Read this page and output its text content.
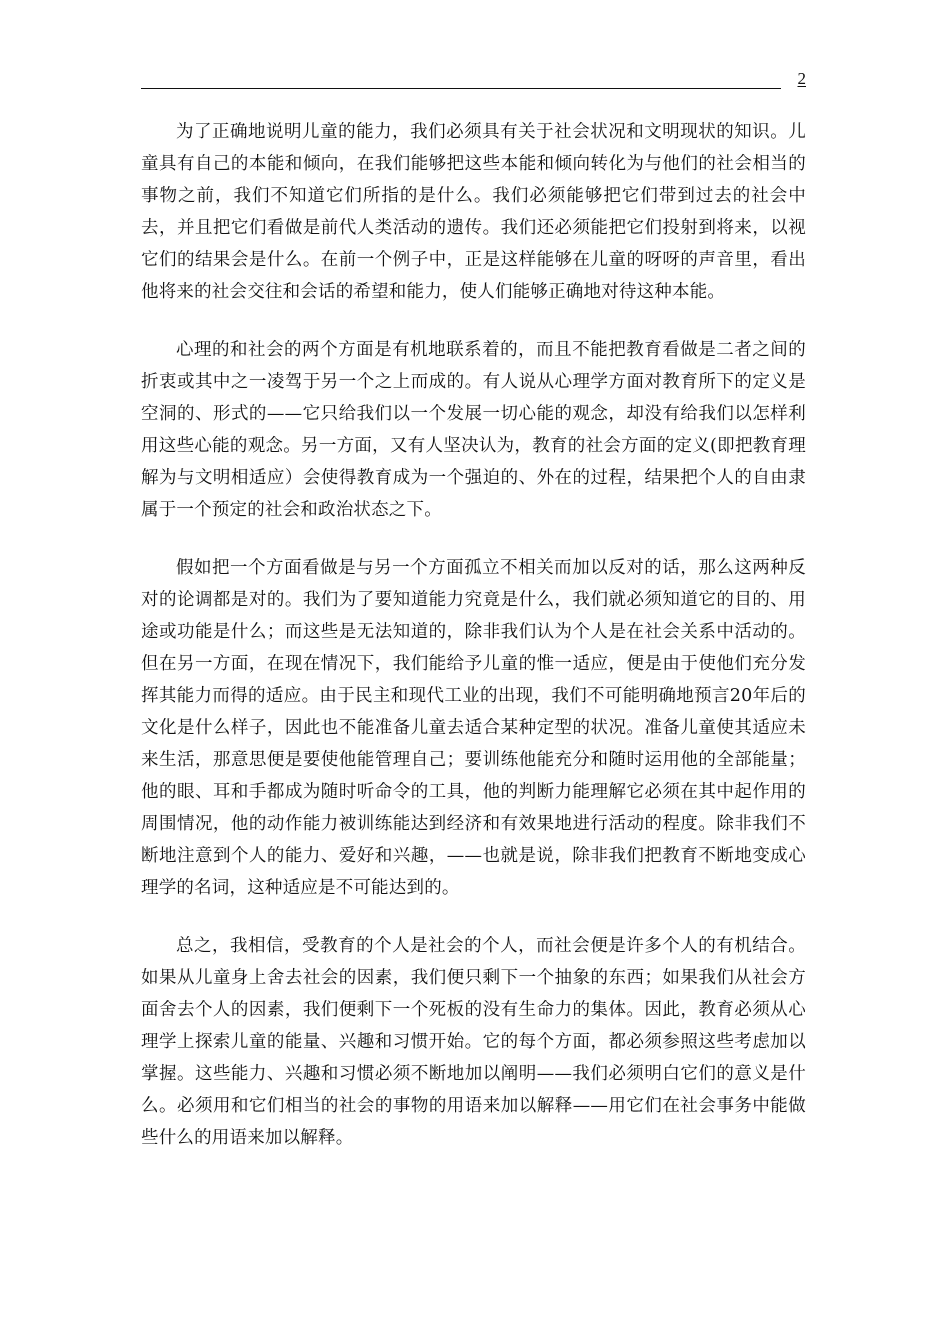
2

为了正确地说明儿童的能力，我们必须具有关于社会状况和文明现状的知识。儿童具有自己的本能和倾向，在我们能够把这些本能和倾向转化为与他们的社会相当的事物之前，我们不知道它们所指的是什么。我们必须能够把它们带到过去的社会中去，并且把它们看做是前代人类活动的遗传。我们还必须能把它们投射到将来，以视它们的结果会是什么。在前一个例子中，正是这样能够在儿童的呀呀的声音里，看出他将来的社会交往和会话的希望和能力，使人们能够正确地对待这种本能。

心理的和社会的两个方面是有机地联系着的，而且不能把教育看做是二者之间的折衷或其中之一凌驾于另一个之上而成的。有人说从心理学方面对教育所下的定义是空洞的、形式的——它只给我们以一个发展一切心能的观念，却没有给我们以怎样利用这些心能的观念。另一方面，又有人坚决认为，教育的社会方面的定义(即把教育理解为与文明相适应）会使得教育成为一个强迫的、外在的过程，结果把个人的自由隶属于一个预定的社会和政治状态之下。

假如把一个方面看做是与另一个方面孤立不相关而加以反对的话，那么这两种反对的论调都是对的。我们为了要知道能力究竟是什么，我们就必须知道它的目的、用途或功能是什么；而这些是无法知道的，除非我们认为个人是在社会关系中活动的。但在另一方面，在现在情况下，我们能给予儿童的惟一适应，便是由于使他们充分发挥其能力而得的适应。由于民主和现代工业的出现，我们不可能明确地预言20年后的文化是什么样子，因此也不能准备儿童去适合某种定型的状况。准备儿童使其适应未来生活，那意思便是要使他能管理自己；要训练他能充分和随时运用他的全部能量；他的眼、耳和手都成为随时听命令的工具，他的判断力能理解它必须在其中起作用的周围情况，他的动作能力被训练能达到经济和有效果地进行活动的程度。除非我们不断地注意到个人的能力、爱好和兴趣，——也就是说，除非我们把教育不断地变成心理学的名词，这种适应是不可能达到的。

总之，我相信，受教育的个人是社会的个人，而社会便是许多个人的有机结合。如果从儿童身上舍去社会的因素，我们便只剩下一个抽象的东西；如果我们从社会方面舍去个人的因素，我们便剩下一个死板的没有生命力的集体。因此，教育必须从心理学上探索儿童的能量、兴趣和习惯开始。它的每个方面，都必须参照这些考虑加以掌握。这些能力、兴趣和习惯必须不断地加以阐明——我们必须明白它们的意义是什么。必须用和它们相当的社会的事物的用语来加以解释——用它们在社会事务中能做些什么的用语来加以解释。
